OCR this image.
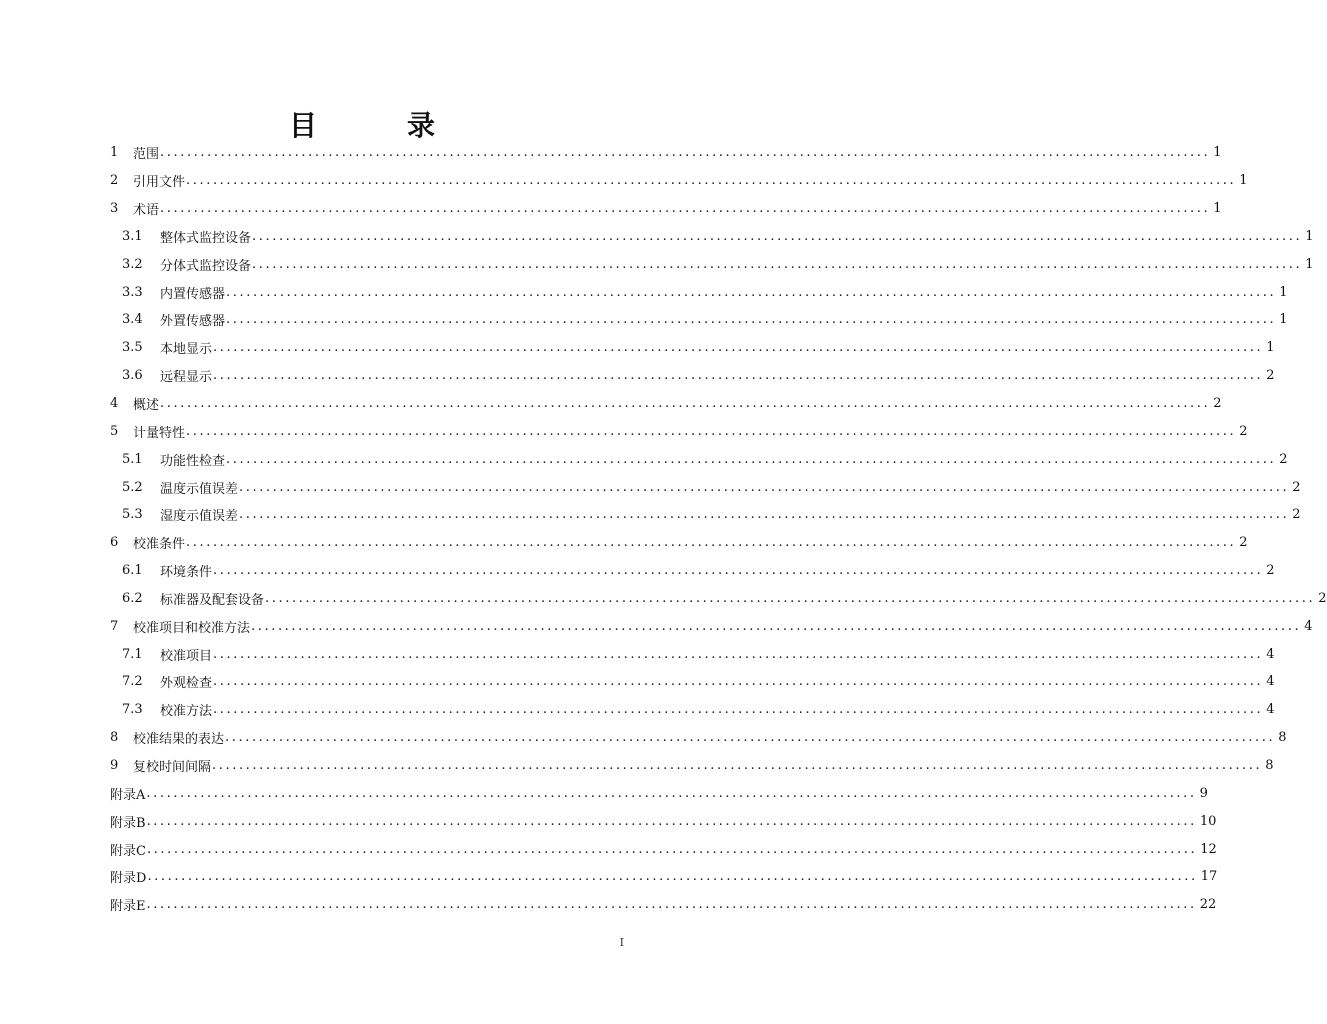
目录
1	范围 ............................................................................................................................................................ 1
2	引用文件 ............................................................................................................................................................ 1
3	术语 ............................................................................................................................................................ 1
3.1	整体式监控设备 ............................................................................................................................................................ 1
3.2	分体式监控设备 ............................................................................................................................................................ 1
3.3	内置传感器 ............................................................................................................................................................ 1
3.4	外置传感器 ............................................................................................................................................................ 1
3.5	本地显示 ............................................................................................................................................................ 1
3.6	远程显示 ............................................................................................................................................................ 2
4	概述 ............................................................................................................................................................ 2
5	计量特性 ............................................................................................................................................................ 2
5.1	功能性检查 ............................................................................................................................................................ 2
5.2	温度示值误差 ............................................................................................................................................................ 2
5.3	湿度示值误差 ............................................................................................................................................................ 2
6	校准条件 ............................................................................................................................................................ 2
6.1	环境条件 ............................................................................................................................................................ 2
6.2	标准器及配套设备 ............................................................................................................................................................ 2
7	校准项目和校准方法 ............................................................................................................................................................ 4
7.1	校准项目 ............................................................................................................................................................ 4
7.2	外观检查 ............................................................................................................................................................ 4
7.3	校准方法 ............................................................................................................................................................ 4
8	校准结果的表达 ............................................................................................................................................................ 8
9	复校时间间隔 ............................................................................................................................................................ 8
附录A ............................................................................................................................................................ 9
附录B ............................................................................................................................................................ 10
附录C ............................................................................................................................................................ 12
附录D ............................................................................................................................................................ 17
附录E ............................................................................................................................................................ 22
I
